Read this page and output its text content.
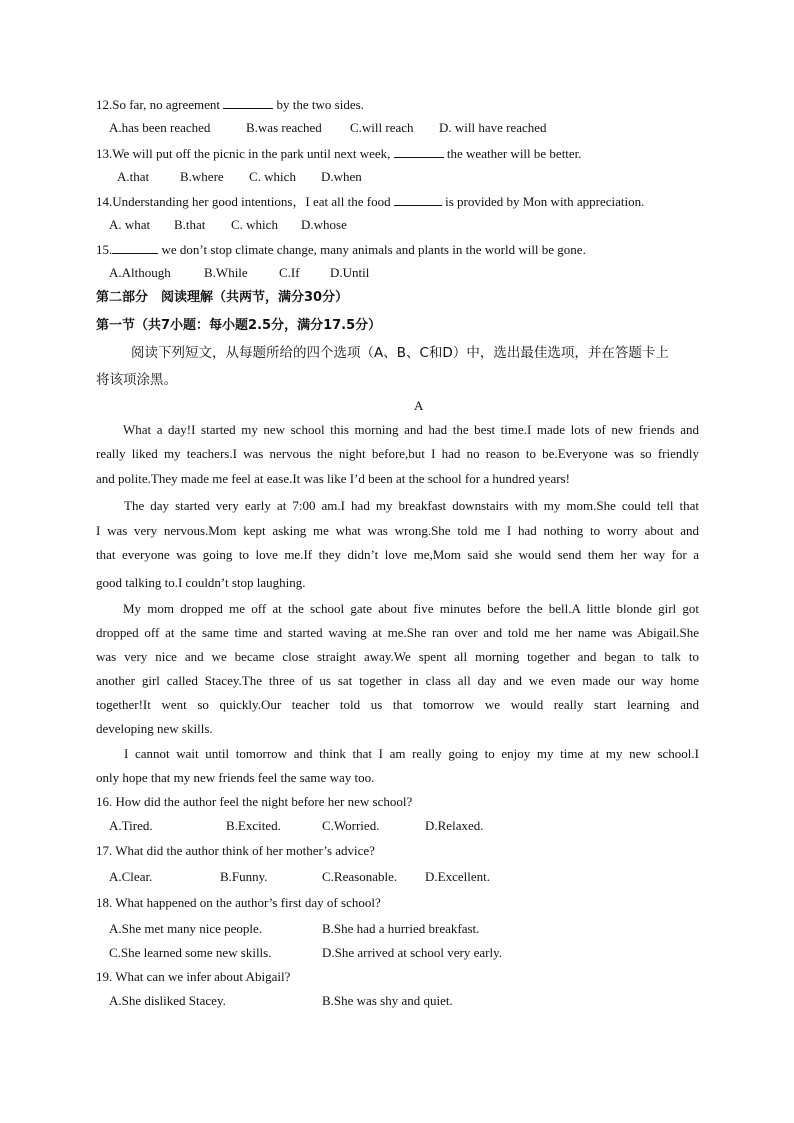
12.So far, no agreement	by the two sides.
A.has been reached	B.was reached C.will reach D. will have reached
13.We will put off the picnic in the park until next week,	the weather will be better.
A.that B.where C. which D.when
14.Understanding her good intentions，I eat all the food	is provided by Mon with appreciation.
A. what B.that C. which D.whose
15.	we don’t stop climate change, many animals and plants in the world will be gone.
A.Although	B.While C.If D.Until
第二部分　阅读理解（共两节，满分30分）
第一节（共7小题：每小题2.5分，满分17.5分）
阅读下列短文，从每题所给的四个选项（A、B、C和D）中，选出最佳选项，并在答题卡上
将该项涂黑。
A
What a day!I started my new school this morning and had the best time.I made lots of new friends and
really liked my teachers.I was nervous the night before,but I had no reason to be.Everyone was so friendly
and polite.They made me feel at ease.It was like I’d been at the school for a hundred years!
The day started very early at 7:00 am.I had my breakfast downstairs with my mom.She could tell that
I was very nervous.Mom kept asking me what was wrong.She told me I had nothing to worry about and
that everyone was going to love me.If they didn’t love me,Mom said she would send them her way for a
good talking to.I couldn’t stop laughing.
My mom dropped me off at the school gate about five minutes before the bell.A little blonde girl got
dropped off at the same time and started waving at me.She ran over and told me her name was Abigail.She
was very nice and we became close straight away.We spent all morning together and began to talk to
another girl called Stacey.The three of us sat together in class all day and we even made our way home
together!It went so quickly.Our teacher told us that tomorrow we would really start learning and
developing new skills.
I cannot wait until tomorrow and think that I am really going to enjoy my time at my new school.I
only hope that my new friends feel the same way too.
16. How did the author feel the night before her new school?
A.Tired.	B.Excited.	C.Worried.	D.Relaxed.
17. What did the author think of her mother’s advice?
A.Clear.	B.Funny.	C.Reasonable. D.Excellent.
18. What happened on the author’s first day of school?
A.She met many nice people.	B.She had a hurried breakfast.
C.She learned some new skills.	D.She arrived at school very early.
19. What can we infer about Abigail?
A.She disliked Stacey.	B.She was shy and quiet.
